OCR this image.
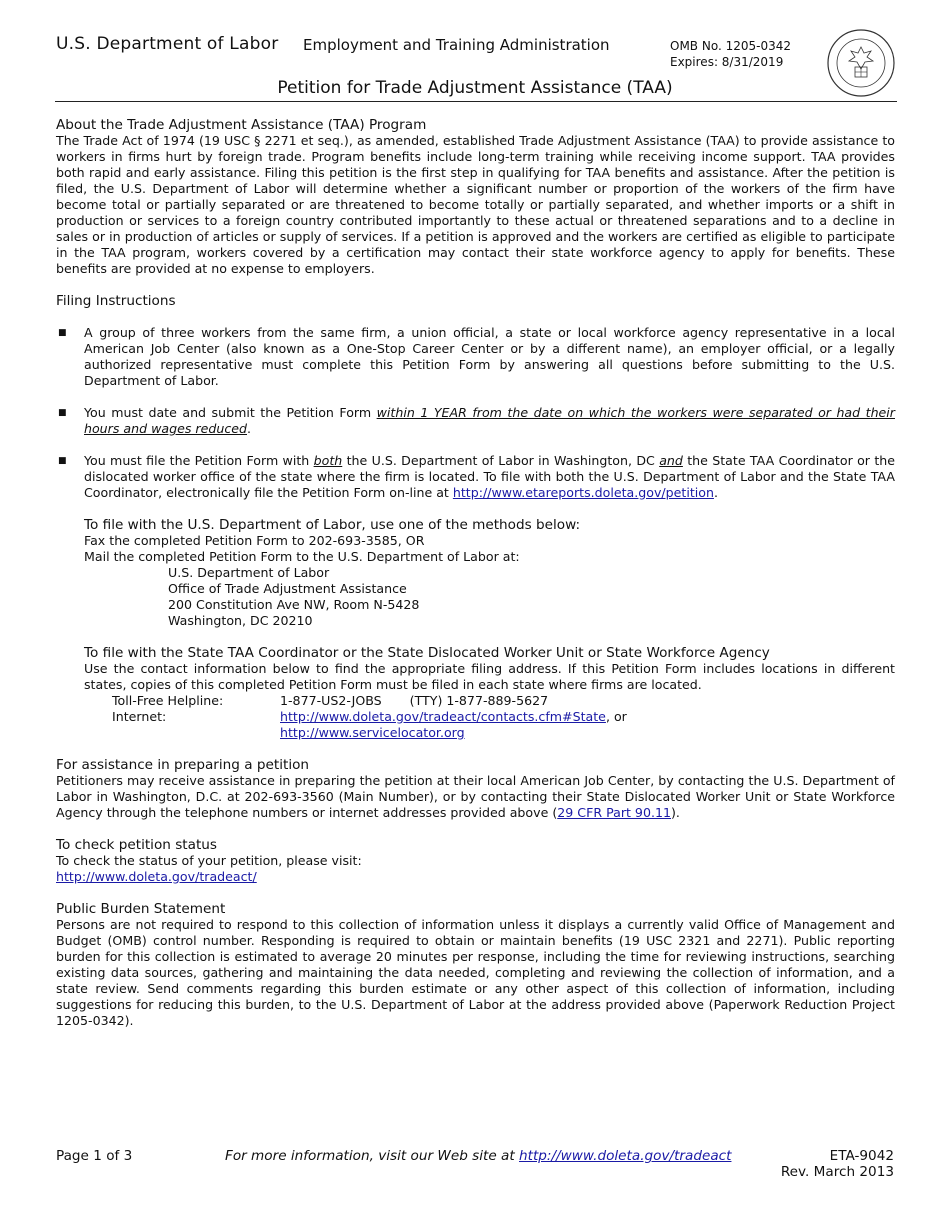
U.S. Department of Labor Employment and Training Administration	OMB No. 1205-0342
Expires: 8/31/2019
Petition for Trade Adjustment Assistance (TAA)

About the Trade Adjustment Assistance (TAA) Program

The Trade Act of 1974 (19 USC § 2271 et seq.), as amended, established Trade Adjustment Assistance (TAA) to provide assistance to workers in firms hurt by foreign trade. Program benefits include long-term training while receiving income support. TAA provides both rapid and early assistance. Filing this petition is the first step in qualifying for TAA benefits and assistance. After the petition is filed, the U.S. Department of Labor will determine whether a significant number or proportion of the workers of the firm have become total or partially separated or are threatened to become totally or partially separated, and whether imports or a shift in production or services to a foreign country contributed importantly to these actual or threatened separations and to a decline in sales or in production of articles or supply of services. If a petition is approved and the workers are certified as eligible to participate in the TAA program, workers covered by a certification may contact their state workforce agency to apply for benefits. These benefits are provided at no expense to employers.

Filing Instructions

■ A group of three workers from the same firm, a union official, a state or local workforce agency representative in a local American Job Center (also known as a One-Stop Career Center or by a different name), an employer official, or a legally authorized representative must complete this Petition Form by answering all questions before submitting to the U.S. Department of Labor.

■ You must date and submit the Petition Form within 1 YEAR from the date on which the workers were separated or had their hours and wages reduced.

■ You must file the Petition Form with both the U.S. Department of Labor in Washington, DC and the State TAA Coordinator or the dislocated worker office of the state where the firm is located. To file with both the U.S. Department of Labor and the State TAA Coordinator, electronically file the Petition Form on-line at http://www.etareports.doleta.gov/petition.

To file with the U.S. Department of Labor, use one of the methods below:

Fax the completed Petition Form to 202-693-3585, OR
Mail the completed Petition Form to the U.S. Department of Labor at:
U.S. Department of Labor
Office of Trade Adjustment Assistance
200 Constitution Ave NW, Room N-5428
Washington, DC 20210

To file with the State TAA Coordinator or the State Dislocated Worker Unit or State Workforce Agency

Use the contact information below to find the appropriate filing address. If this Petition Form includes locations in different states, copies of this completed Petition Form must be filed in each state where firms are located.

Toll-Free Helpline:	1-877-US2-JOBS       (TTY) 1-877-889-5627
Internet:	http://www.doleta.gov/tradeact/contacts.cfm#State, or
http://www.servicelocator.org

For assistance in preparing a petition

Petitioners may receive assistance in preparing the petition at their local American Job Center, by contacting the U.S. Department of Labor in Washington, D.C. at 202-693-3560 (Main Number), or by contacting their State Dislocated Worker Unit or State Workforce Agency through the telephone numbers or internet addresses provided above (29 CFR Part 90.11).

To check petition status

To check the status of your petition, please visit:
http://www.doleta.gov/tradeact/

Public Burden Statement

Persons are not required to respond to this collection of information unless it displays a currently valid Office of Management and Budget (OMB) control number. Responding is required to obtain or maintain benefits (19 USC 2321 and 2271). Public reporting burden for this collection is estimated to average 20 minutes per response, including the time for reviewing instructions, searching existing data sources, gathering and maintaining the data needed, completing and reviewing the collection of information, and a state review. Send comments regarding this burden estimate or any other aspect of this collection of information, including suggestions for reducing this burden, to the U.S. Department of Labor at the address provided above (Paperwork Reduction Project 1205-0342).

Page 1 of 3	For more information, visit our Web site at http://www.doleta.gov/tradeact	ETA-9042
Rev. March 2013
